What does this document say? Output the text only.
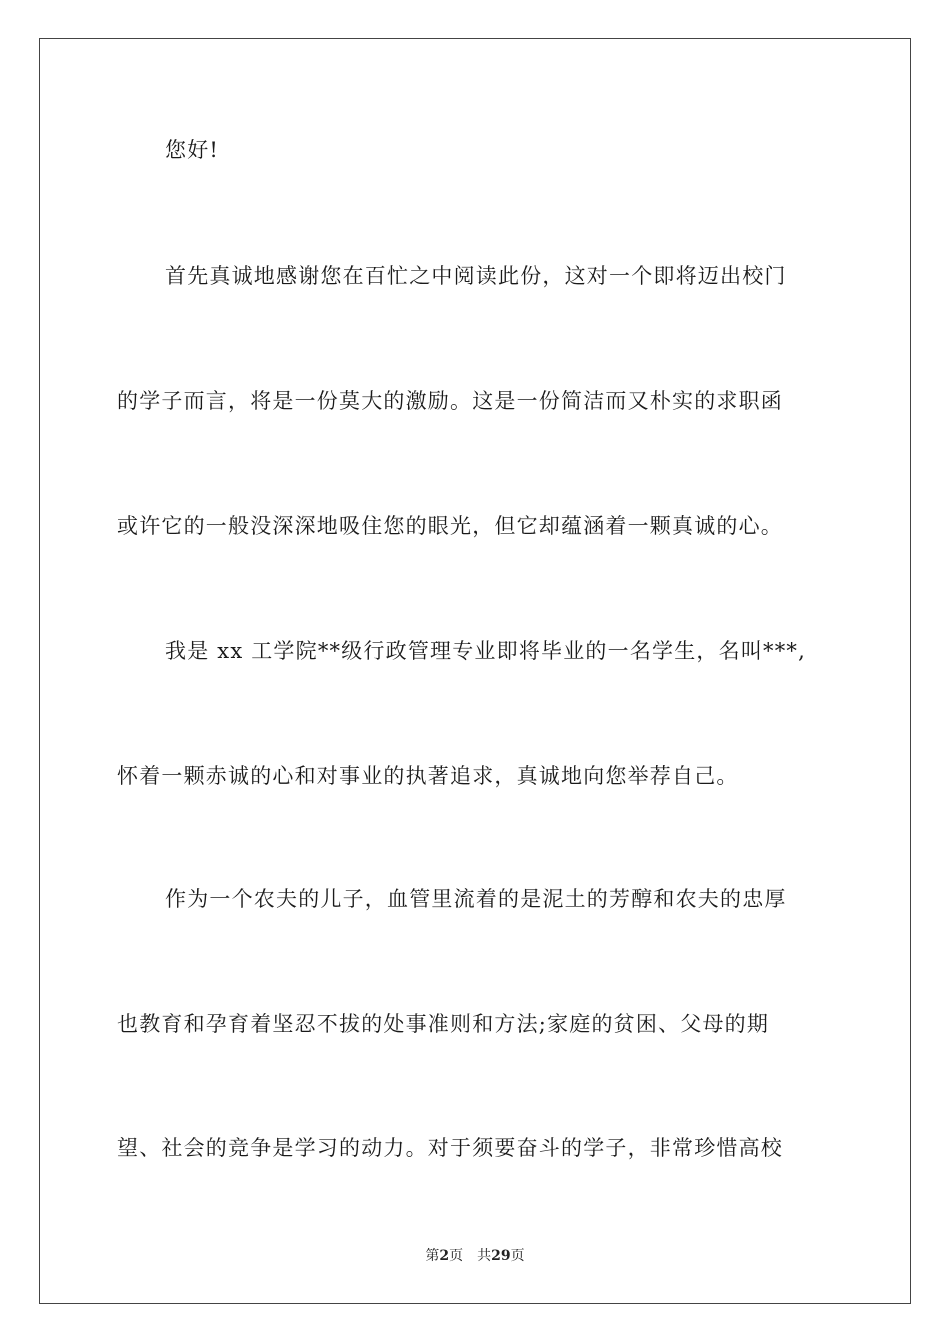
您好!
首先真诚地感谢您在百忙之中阅读此份，这对一个即将迈出校门
的学子而言，将是一份莫大的激励。这是一份简洁而又朴实的求职函
或许它的一般没深深地吸住您的眼光，但它却蕴涵着一颗真诚的心。
我是 xx 工学院**级行政管理专业即将毕业的一名学生，名叫***,
怀着一颗赤诚的心和对事业的执著追求，真诚地向您举荐自己。
作为一个农夫的儿子，血管里流着的是泥土的芳醇和农夫的忠厚
也教育和孕育着坚忍不拔的处事准则和方法;家庭的贫困、父母的期
望、社会的竞争是学习的动力。对于须要奋斗的学子，非常珍惜高校
第2页 共29页
